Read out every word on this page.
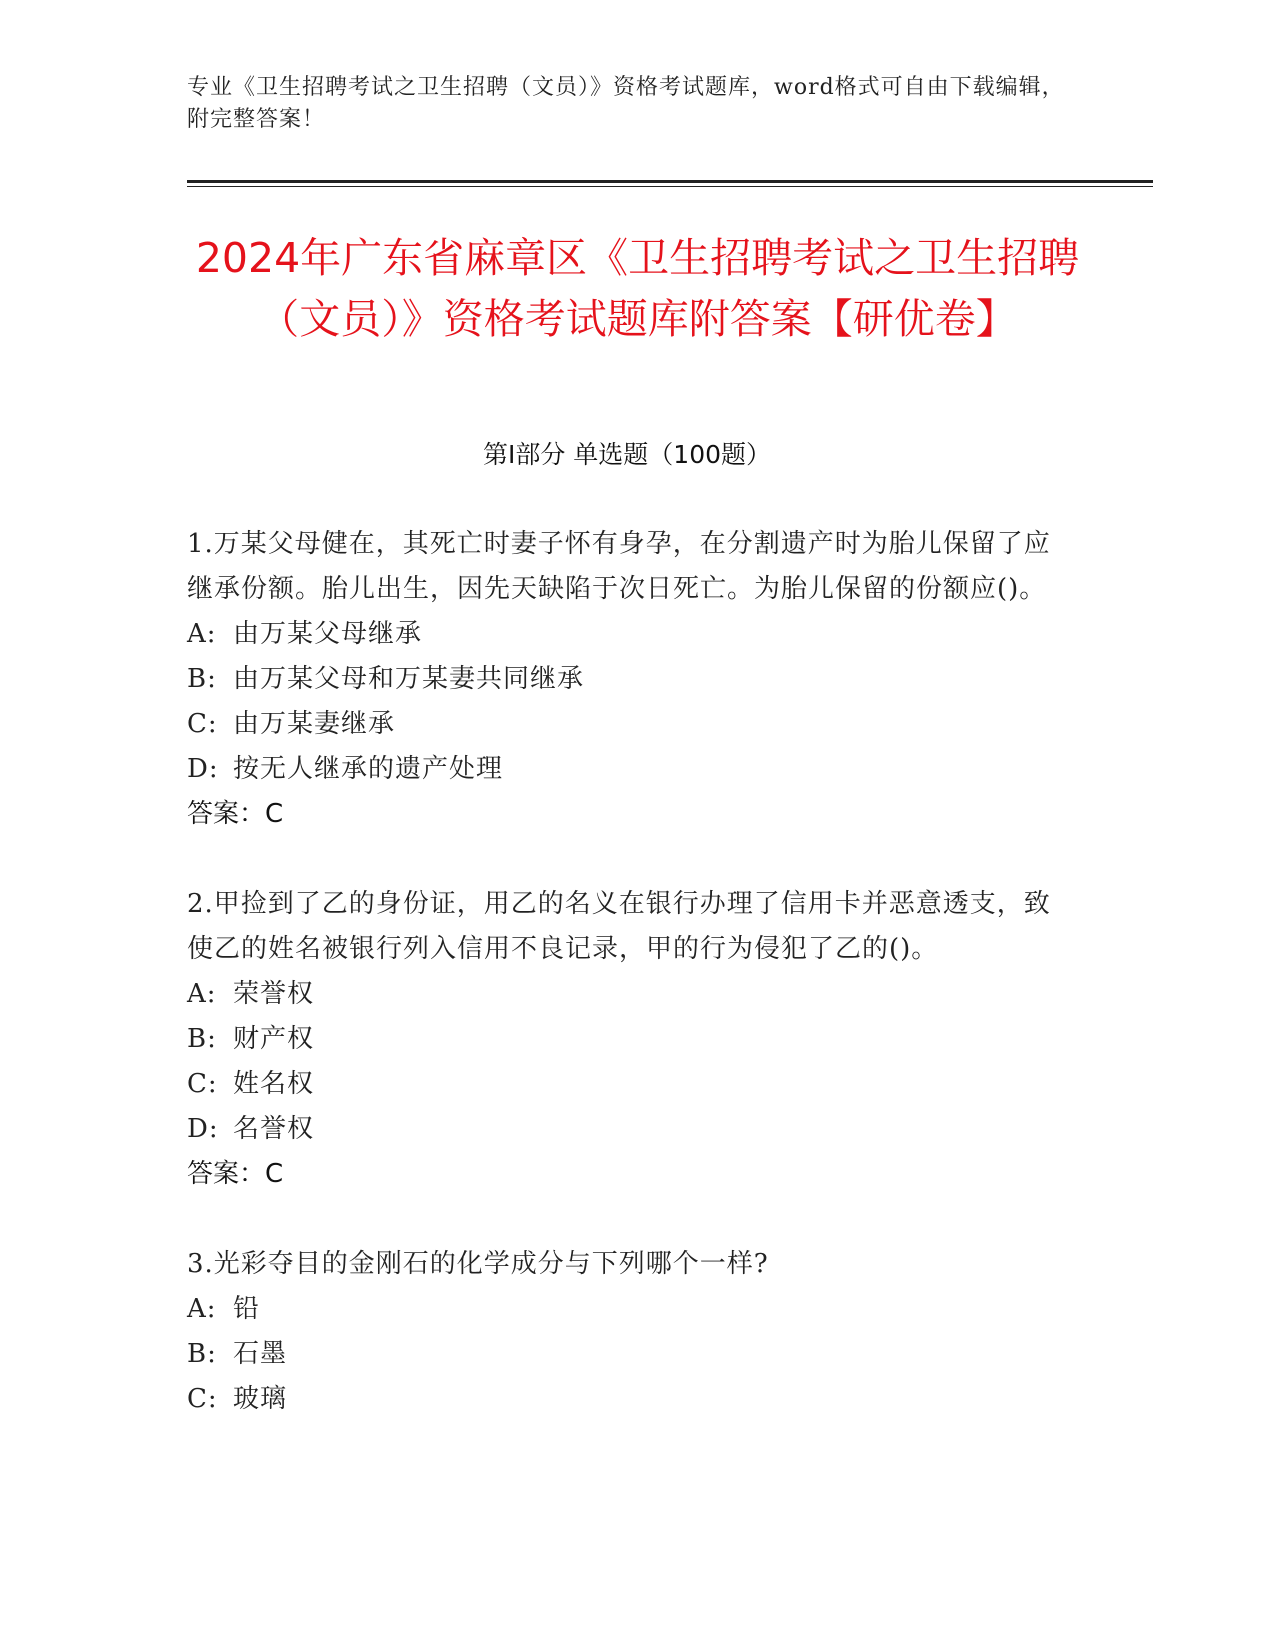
专业《卫生招聘考试之卫生招聘（文员）》资格考试题库，word格式可自由下载编辑，附完整答案！
2024年广东省麻章区《卫生招聘考试之卫生招聘（文员）》资格考试题库附答案【研优卷】
第Ⅰ部分 单选题（100题）
1.万某父母健在，其死亡时妻子怀有身孕，在分割遗产时为胎儿保留了应继承份额。胎儿出生，因先天缺陷于次日死亡。为胎儿保留的份额应()。
A: 由万某父母继承
B: 由万某父母和万某妻共同继承
C: 由万某妻继承
D: 按无人继承的遗产处理
答案：C
2.甲捡到了乙的身份证，用乙的名义在银行办理了信用卡并恶意透支，致使乙的姓名被银行列入信用不良记录，甲的行为侵犯了乙的()。
A: 荣誉权
B: 财产权
C: 姓名权
D: 名誉权
答案：C
3.光彩夺目的金刚石的化学成分与下列哪个一样?
A: 铅
B: 石墨
C: 玻璃
